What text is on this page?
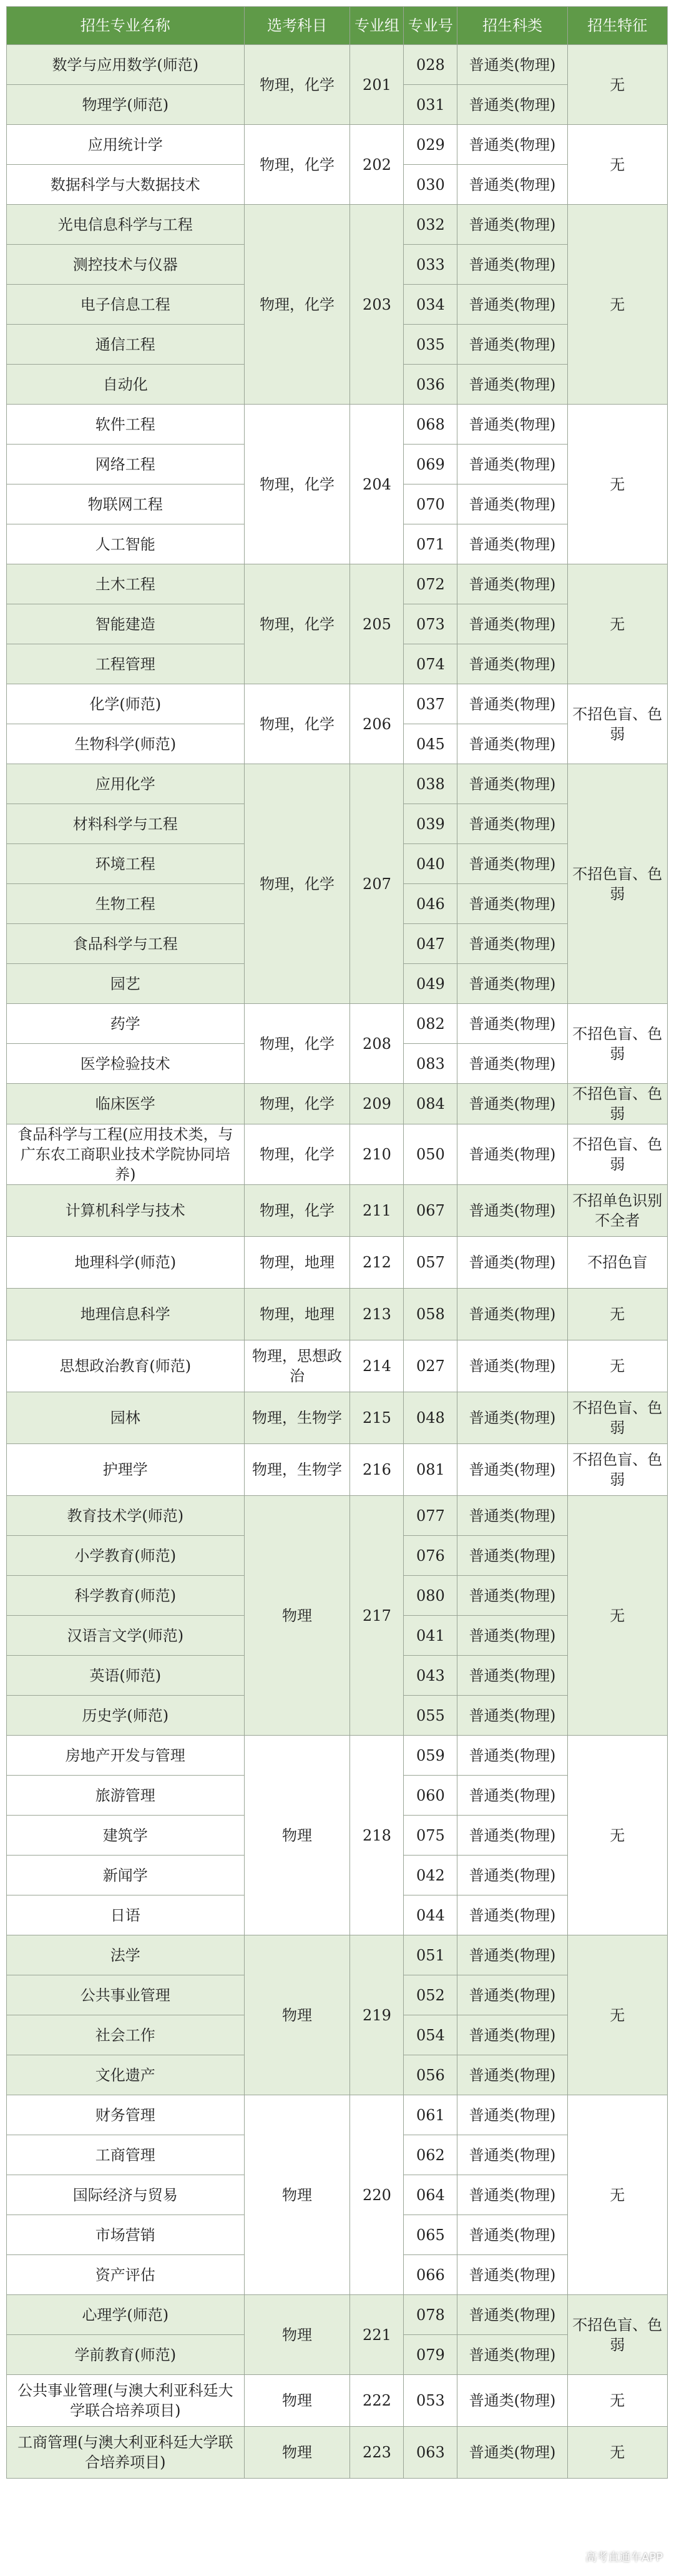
招生专业名称	选考科目	专业组	专业号	招生科类	招生特征
数学与应用数学(师范)	物理，化学	201	028	普通类(物理)	无
物理学(师范)			031	普通类(物理)	
应用统计学	物理，化学	202	029	普通类(物理)	无
数据科学与大数据技术			030	普通类(物理)	
光电信息科学与工程	物理，化学	203	032	普通类(物理)	无
测控技术与仪器			033	普通类(物理)	
电子信息工程			034	普通类(物理)	
通信工程			035	普通类(物理)	
自动化			036	普通类(物理)	
软件工程	物理，化学	204	068	普通类(物理)	无
网络工程			069	普通类(物理)	
物联网工程			070	普通类(物理)	
人工智能			071	普通类(物理)	
土木工程	物理，化学	205	072	普通类(物理)	无
智能建造			073	普通类(物理)	
工程管理			074	普通类(物理)	
化学(师范)	物理，化学	206	037	普通类(物理)	不招色盲、色弱
生物科学(师范)			045	普通类(物理)	
应用化学	物理，化学	207	038	普通类(物理)	不招色盲、色弱
材料科学与工程			039	普通类(物理)	
环境工程			040	普通类(物理)	
生物工程			046	普通类(物理)	
食品科学与工程			047	普通类(物理)	
园艺			049	普通类(物理)	
药学	物理，化学	208	082	普通类(物理)	不招色盲、色弱
医学检验技术			083	普通类(物理)	
临床医学	物理，化学	209	084	普通类(物理)	不招色盲、色弱
食品科学与工程(应用技术类，与广东农工商职业技术学院协同培养)	物理，化学	210	050	普通类(物理)	不招色盲、色弱
计算机科学与技术	物理，化学	211	067	普通类(物理)	不招单色识别不全者
地理科学(师范)	物理，地理	212	057	普通类(物理)	不招色盲
地理信息科学	物理，地理	213	058	普通类(物理)	无
思想政治教育(师范)	物理，思想政治	214	027	普通类(物理)	无
园林	物理，生物学	215	048	普通类(物理)	不招色盲、色弱
护理学	物理，生物学	216	081	普通类(物理)	不招色盲、色弱
教育技术学(师范)	物理	217	077	普通类(物理)	无
小学教育(师范)			076	普通类(物理)	
科学教育(师范)			080	普通类(物理)	
汉语言文学(师范)			041	普通类(物理)	
英语(师范)			043	普通类(物理)	
历史学(师范)			055	普通类(物理)	
房地产开发与管理	物理	218	059	普通类(物理)	无
旅游管理			060	普通类(物理)	
建筑学			075	普通类(物理)	
新闻学			042	普通类(物理)	
日语			044	普通类(物理)	
法学	物理	219	051	普通类(物理)	无
公共事业管理			052	普通类(物理)	
社会工作			054	普通类(物理)	
文化遗产			056	普通类(物理)	
财务管理	物理	220	061	普通类(物理)	无
工商管理			062	普通类(物理)	
国际经济与贸易			064	普通类(物理)	
市场营销			065	普通类(物理)	
资产评估			066	普通类(物理)	
心理学(师范)	物理	221	078	普通类(物理)	不招色盲、色弱
学前教育(师范)			079	普通类(物理)	
公共事业管理(与澳大利亚科廷大学联合培养项目)	物理	222	053	普通类(物理)	无
工商管理(与澳大利亚科廷大学联合培养项目)	物理	223	063	普通类(物理)	无
高考直通车APP
